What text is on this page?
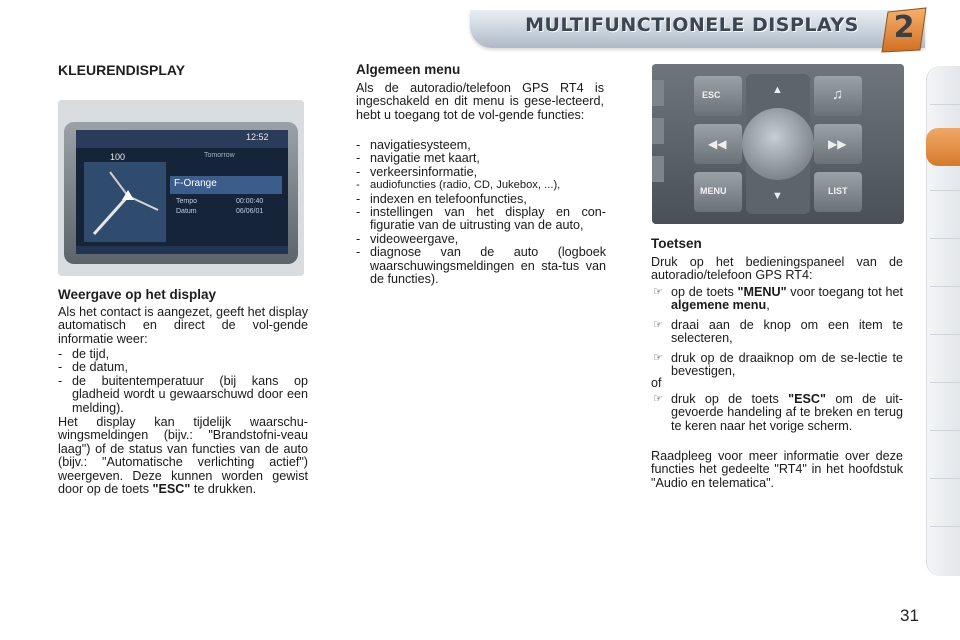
MULTIFUNCTIONELE DISPLAYS	2
KLEURENDISPLAY
12:52
100	Tomorrow
F-Orange
Tempo	00:00:40
Datum	06/06/01
Weergave op het display

Als het contact is aangezet, geeft het display automatisch en direct de vol-gende informatie weer:

- de tijd,
- de datum,
- de buitentemperatuur (bij kans op gladheid wordt u gewaarschuwd door een melding).

Het display kan tijdelijk waarschu-wingsmeldingen (bijv.: "Brandstofni-veau laag") of de status van functies van de auto (bijv.: "Automatische verlichting actief") weergeven. Deze kunnen worden gewist door op de toets "ESC" te drukken.

Algemeen menu

Als de autoradio/telefoon GPS RT4 is ingeschakeld en dit menu is gese-lecteerd, hebt u toegang tot de vol-gende functies:

- navigatiesysteem,
- navigatie met kaart,
- verkeersinformatie,
- audiofuncties (radio, CD, Jukebox, ...),
- indexen en telefoonfuncties,
- instellingen van het display en con-figuratie van de uitrusting van de auto,
- videoweergave,
- diagnose van de auto (logboek waarschuwingsmeldingen en sta-tus van de functies).
ESC
MENU	LIST
▲
▼
◀◀	▶▶
♫
Toetsen

Druk op het bedieningspaneel van de autoradio/telefoon GPS RT4:

☞ op de toets "MENU" voor toegang tot het algemene menu,
☞ draai aan de knop om een item te selecteren,
☞ druk op de draaiknop om de se-lectie te bevestigen,

of

☞ druk op de toets "ESC" om de uit-gevoerde handeling af te breken en terug te keren naar het vorige scherm.

Raadpleeg voor meer informatie over deze functies het gedeelte "RT4" in het hoofdstuk "Audio en telematica".

31
